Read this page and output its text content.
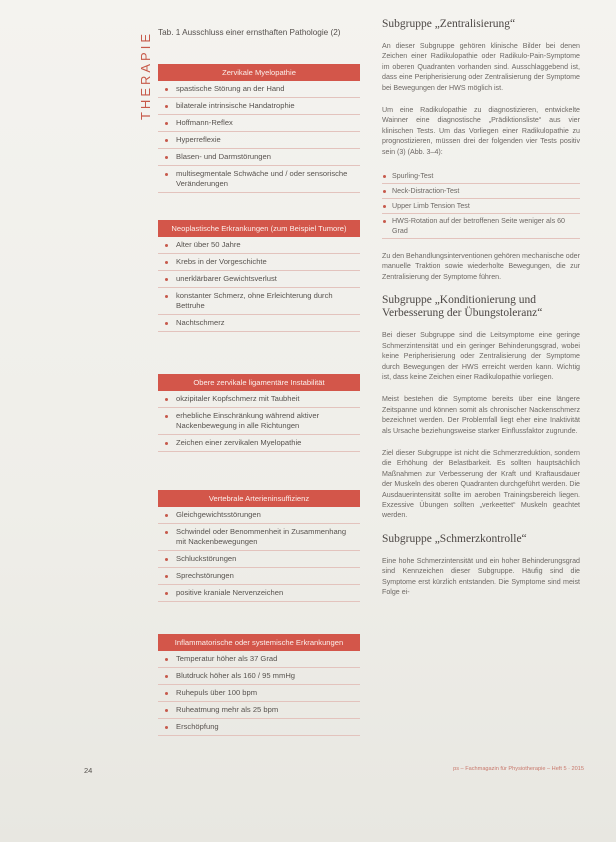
THERAPIE Tab. 1 Ausschluss einer ernsthaften Pathologie (2)
Zervikale Myelopathie
spastische Störung an der Hand
bilaterale intrinsische Handatrophie
Hoffmann-Reflex
Hyperreflexie
Blasen- und Darmstörungen
multisegmentale Schwäche und / oder sensorische Veränderungen
Neoplastische Erkrankungen (zum Beispiel Tumore)
Alter über 50 Jahre
Krebs in der Vorgeschichte
unerklärbarer Gewichtsverlust
konstanter Schmerz, ohne Erleichterung durch Bettruhe
Nachtschmerz
Obere zervikale ligamentäre Instabilität
okzipitaler Kopfschmerz mit Taubheit
erhebliche Einschränkung während aktiver Nackenbewegung in alle Richtungen
Zeichen einer zervikalen Myelopathie
Vertebrale Arterieninsuffizienz
Gleichgewichtsstörungen
Schwindel oder Benommenheit in Zusammenhang mit Nackenbewegungen
Schluckstörungen
Sprechstörungen
positive kraniale Nervenzeichen
Inflammatorische oder systemische Erkrankungen
Temperatur höher als 37 Grad
Blutdruck höher als 160 / 95 mmHg
Ruhepuls über 100 bpm
Ruheatmung mehr als 25 bpm
Erschöpfung
Subgruppe „Zentralisierung“

An dieser Subgruppe gehören klinische Bilder bei denen Zeichen einer Radikulopathie oder Radikulo-Pain-Symptome im oberen Quadranten vorhanden sind. Ausschlaggebend ist, dass eine Peripherisierung oder Zentralisierung der Symptome bei Bewegungen der HWS möglich ist.

Um eine Radikulopathie zu diagnostizieren, entwickelte Wainner eine diagnostische „Prädiktionsliste“ aus vier klinischen Tests. Um das Vorliegen einer Radikulopathie zu prognostizieren, müssen drei der folgenden vier Tests positiv sein (3) (Abb. 3–4):

Spurling-Test
Neck-Distraction-Test
Upper Limb Tension Test
HWS-Rotation auf der betroffenen Seite weniger als 60 Grad

Zu den Behandlungsinterventionen gehören mechanische oder manuelle Traktion sowie wiederholte Bewegungen, die zur Zentralisierung der Symptome führen.

Subgruppe „Konditionierung und Verbesserung der Übungstoleranz“

Bei dieser Subgruppe sind die Leitsymptome eine geringe Schmerzintensität und ein geringer Behinderungsgrad, wobei keine Peripherisierung oder Zentralisierung der Symptome durch Bewegungen der HWS erreicht werden kann. Wichtig ist, dass keine Zeichen einer Radikulopathie vorliegen.

Meist bestehen die Symptome bereits über eine längere Zeitspanne und können somit als chronischer Nackenschmerz bezeichnet werden. Der Problemfall liegt eher eine Inaktivität als Ursache beziehungsweise starker Einflussfaktor zugrunde.

Ziel dieser Subgruppe ist nicht die Schmerzreduktion, sondern die Erhöhung der Belastbarkeit. Es sollten hauptsächlich Maßnahmen zur Verbesserung der Kraft und Kraftausdauer der Muskeln des oberen Quadranten durchgeführt werden. Die Ausdauerintensität sollte im aeroben Trainingsbereich liegen. Exzessive Übungen sollten „verkeettet“ Muskeln geachtet werden.

Subgruppe „Schmerzkontrolle“

Eine hohe Schmerzintensität und ein hoher Behinderungsgrad sind Kennzeichen dieser Subgruppe. Häufig sind die Symptome erst kürzlich entstanden. Die Symptome sind meist Folge ei-

24	ps – Fachmagazin für Physiotherapie – Heft 5 · 2015
